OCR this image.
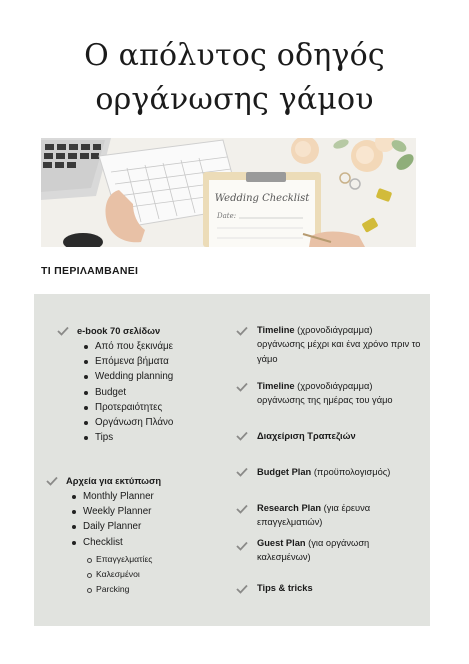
Ο απόλυτος οδηγός
οργάνωσης γάμου
Wedding Checklist
Date:
ΤΙ ΠΕΡΙΛΑΜΒΑΝΕΙ
e-book 70 σελίδων
Από που ξεκινάμε
Επόμενα βήματα
Wedding planning
Budget
Προτεραιότητες
Οργάνωση Πλάνο
Tips
Αρχεία για εκτύπωση
Monthly Planner
Weekly Planner
Daily Planner
Checklist
Επαγγελματίες
Καλεσμένοι
Parcking
Timeline (χρονοδιάγραμμα) οργάνωσης μέχρι και ένα χρόνο πριν το γάμο
Timeline (χρονοδιάγραμμα) οργάνωσης της ημέρας του γάμο
Διαχείριση Τραπεζιών
Budget Plan (προϋπολογισμός)
Research Plan (για έρευνα επαγγελματιών)
Guest Plan (για οργάνωση καλεσμένων)
Tips & tricks
